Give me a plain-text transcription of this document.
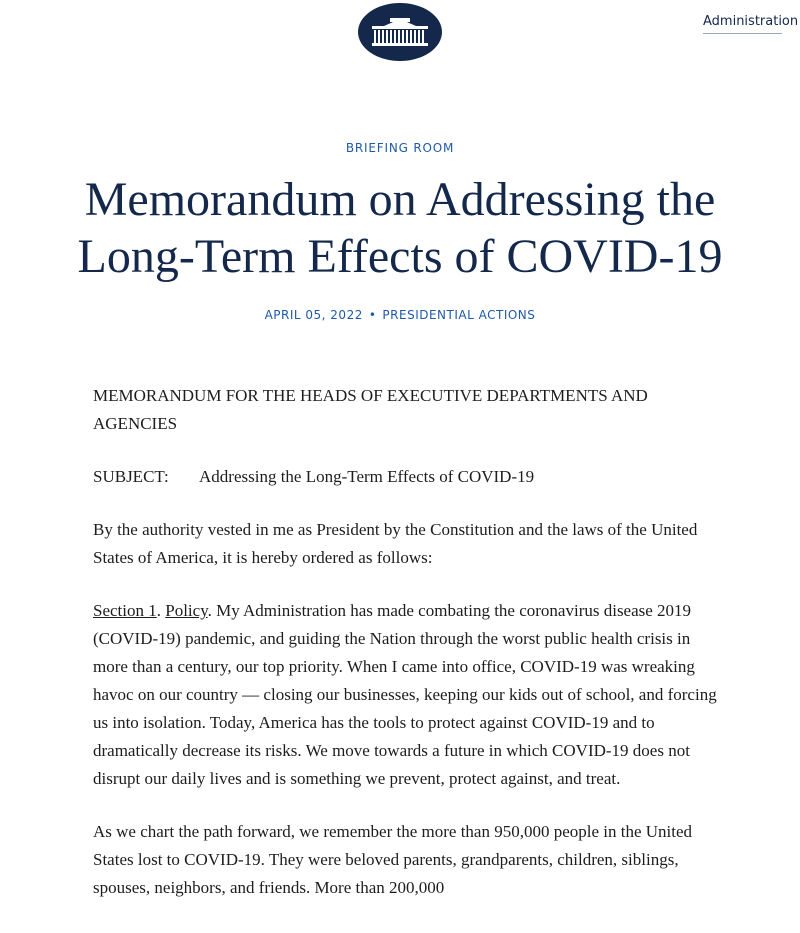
Administration
BRIEFING ROOM
Memorandum on Addressing the
Long-Term Effects of COVID-19
APRIL 05, 2022 • PRESIDENTIAL ACTIONS

MEMORANDUM FOR THE HEADS OF EXECUTIVE DEPARTMENTS AND AGENCIES

SUBJECT: Addressing the Long-Term Effects of COVID-19

By the authority vested in me as President by the Constitution and the laws of the United States of America, it is hereby ordered as follows:

Section 1. Policy. My Administration has made combating the coronavirus disease 2019 (COVID-19) pandemic, and guiding the Nation through the worst public health crisis in more than a century, our top priority. When I came into office, COVID-19 was wreaking havoc on our country — closing our businesses, keeping our kids out of school, and forcing us into isolation. Today, America has the tools to protect against COVID-19 and to dramatically decrease its risks. We move towards a future in which COVID-19 does not disrupt our daily lives and is something we prevent, protect against, and treat.

As we chart the path forward, we remember the more than 950,000 people in the United States lost to COVID-19. They were beloved parents, grandparents, children, siblings, spouses, neighbors, and friends. More than 200,000
